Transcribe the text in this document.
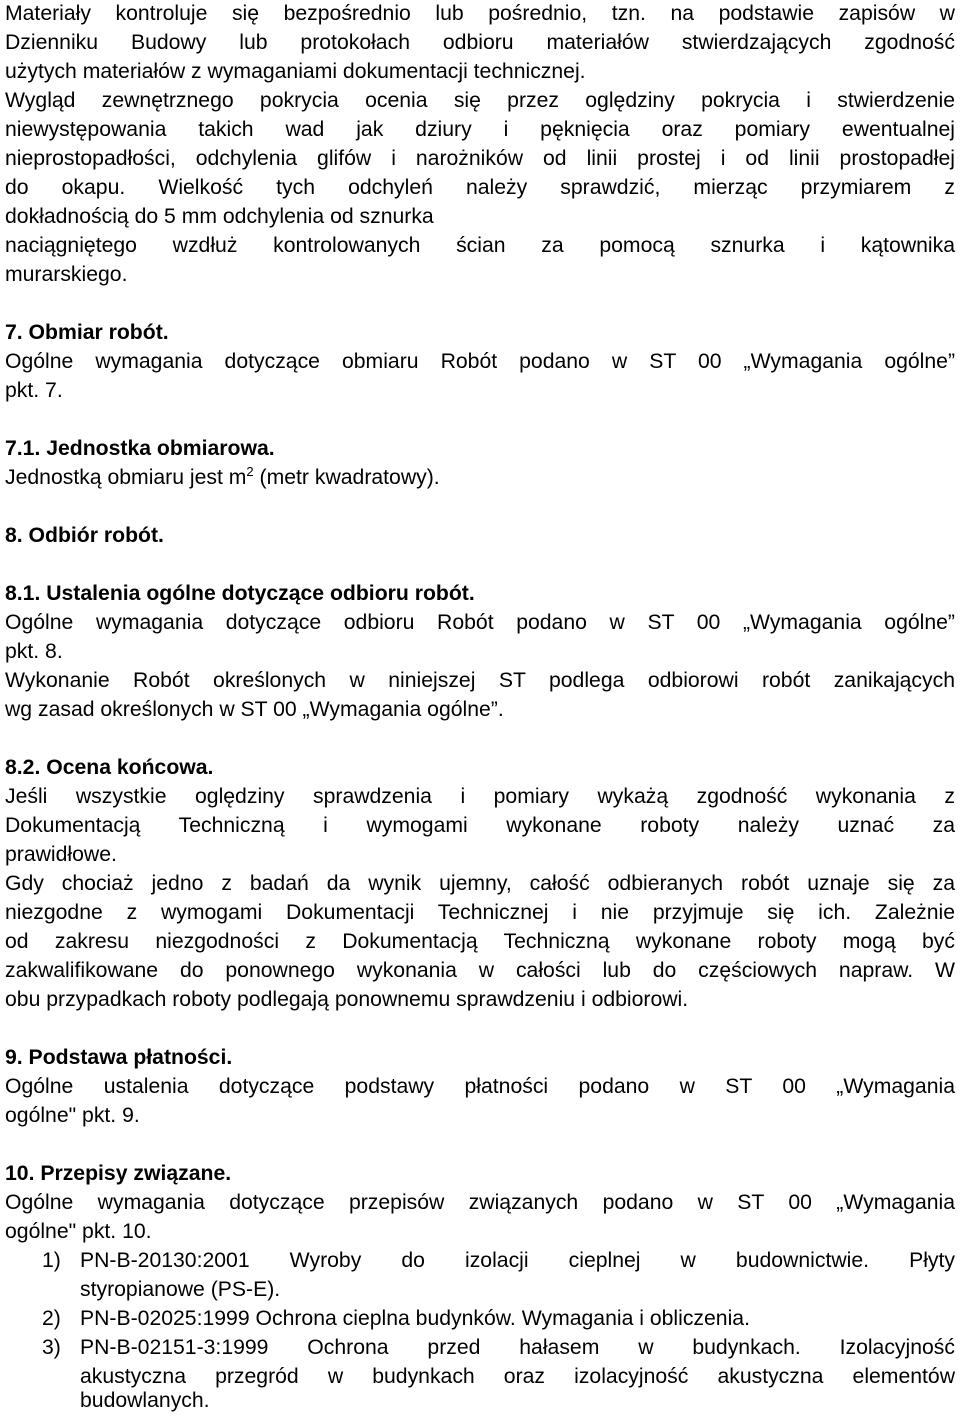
Materiały kontroluje się bezpośrednio lub pośrednio, tzn. na podstawie zapisów w
Dzienniku Budowy lub protokołach odbioru materiałów stwierdzających zgodność
użytych materiałów z wymaganiami dokumentacji technicznej.
Wygląd zewnętrznego pokrycia ocenia się przez oględziny pokrycia i stwierdzenie
niewystępowania takich wad jak dziury i pęknięcia oraz pomiary ewentualnej
nieprostopadłości, odchylenia glifów i narożników od linii prostej i od linii prostopadłej
do okapu. Wielkość tych odchyleń należy sprawdzić, mierząc przymiarem z
dokładnością do 5 mm odchylenia od sznurka
naciągniętego wzdłuż kontrolowanych ścian za pomocą sznurka i kątownika
murarskiego.
7. Obmiar robót.
Ogólne wymagania dotyczące obmiaru Robót podano w ST 00 „Wymagania ogólne”
pkt. 7.
7.1. Jednostka obmiarowa.
Jednostką obmiaru jest $m^2$ (metr kwadratowy).
8. Odbiór robót.
8.1. Ustalenia ogólne dotyczące odbioru robót.
Ogólne wymagania dotyczące odbioru Robót podano w ST 00 „Wymagania ogólne”
pkt. 8.
Wykonanie Robót określonych w niniejszej ST podlega odbiorowi robót zanikających
wg zasad określonych w ST 00 „Wymagania ogólne”.
8.2. Ocena końcowa.
Jeśli wszystkie oględziny sprawdzenia i pomiary wykażą zgodność wykonania z
Dokumentacją Techniczną i wymogami wykonane roboty należy uznać za
prawidłowe.
Gdy chociaż jedno z badań da wynik ujemny, całość odbieranych robót uznaje się za
niezgodne z wymogami Dokumentacji Technicznej i nie przyjmuje się ich. Zależnie
od zakresu niezgodności z Dokumentacją Techniczną wykonane roboty mogą być
zakwalifikowane do ponownego wykonania w całości lub do częściowych napraw. W
obu przypadkach roboty podlegają ponownemu sprawdzeniu i odbiorowi.
9. Podstawa płatności.
Ogólne ustalenia dotyczące podstawy płatności podano w ST 00 „Wymagania
ogólne" pkt. 9.
10. Przepisy związane.
Ogólne wymagania dotyczące przepisów związanych podano w ST 00 „Wymagania
ogólne" pkt. 10.
1) PN-B-20130:2001 Wyroby do izolacji cieplnej w budownictwie. Płyty
styropianowe (PS-E).
2) PN-B-02025:1999 Ochrona cieplna budynków. Wymagania i obliczenia.
3) PN-B-02151-3:1999 Ochrona przed hałasem w budynkach. Izolacyjność
akustyczna przegród w budynkach oraz izolacyjność akustyczna elementów
budowlanych.
